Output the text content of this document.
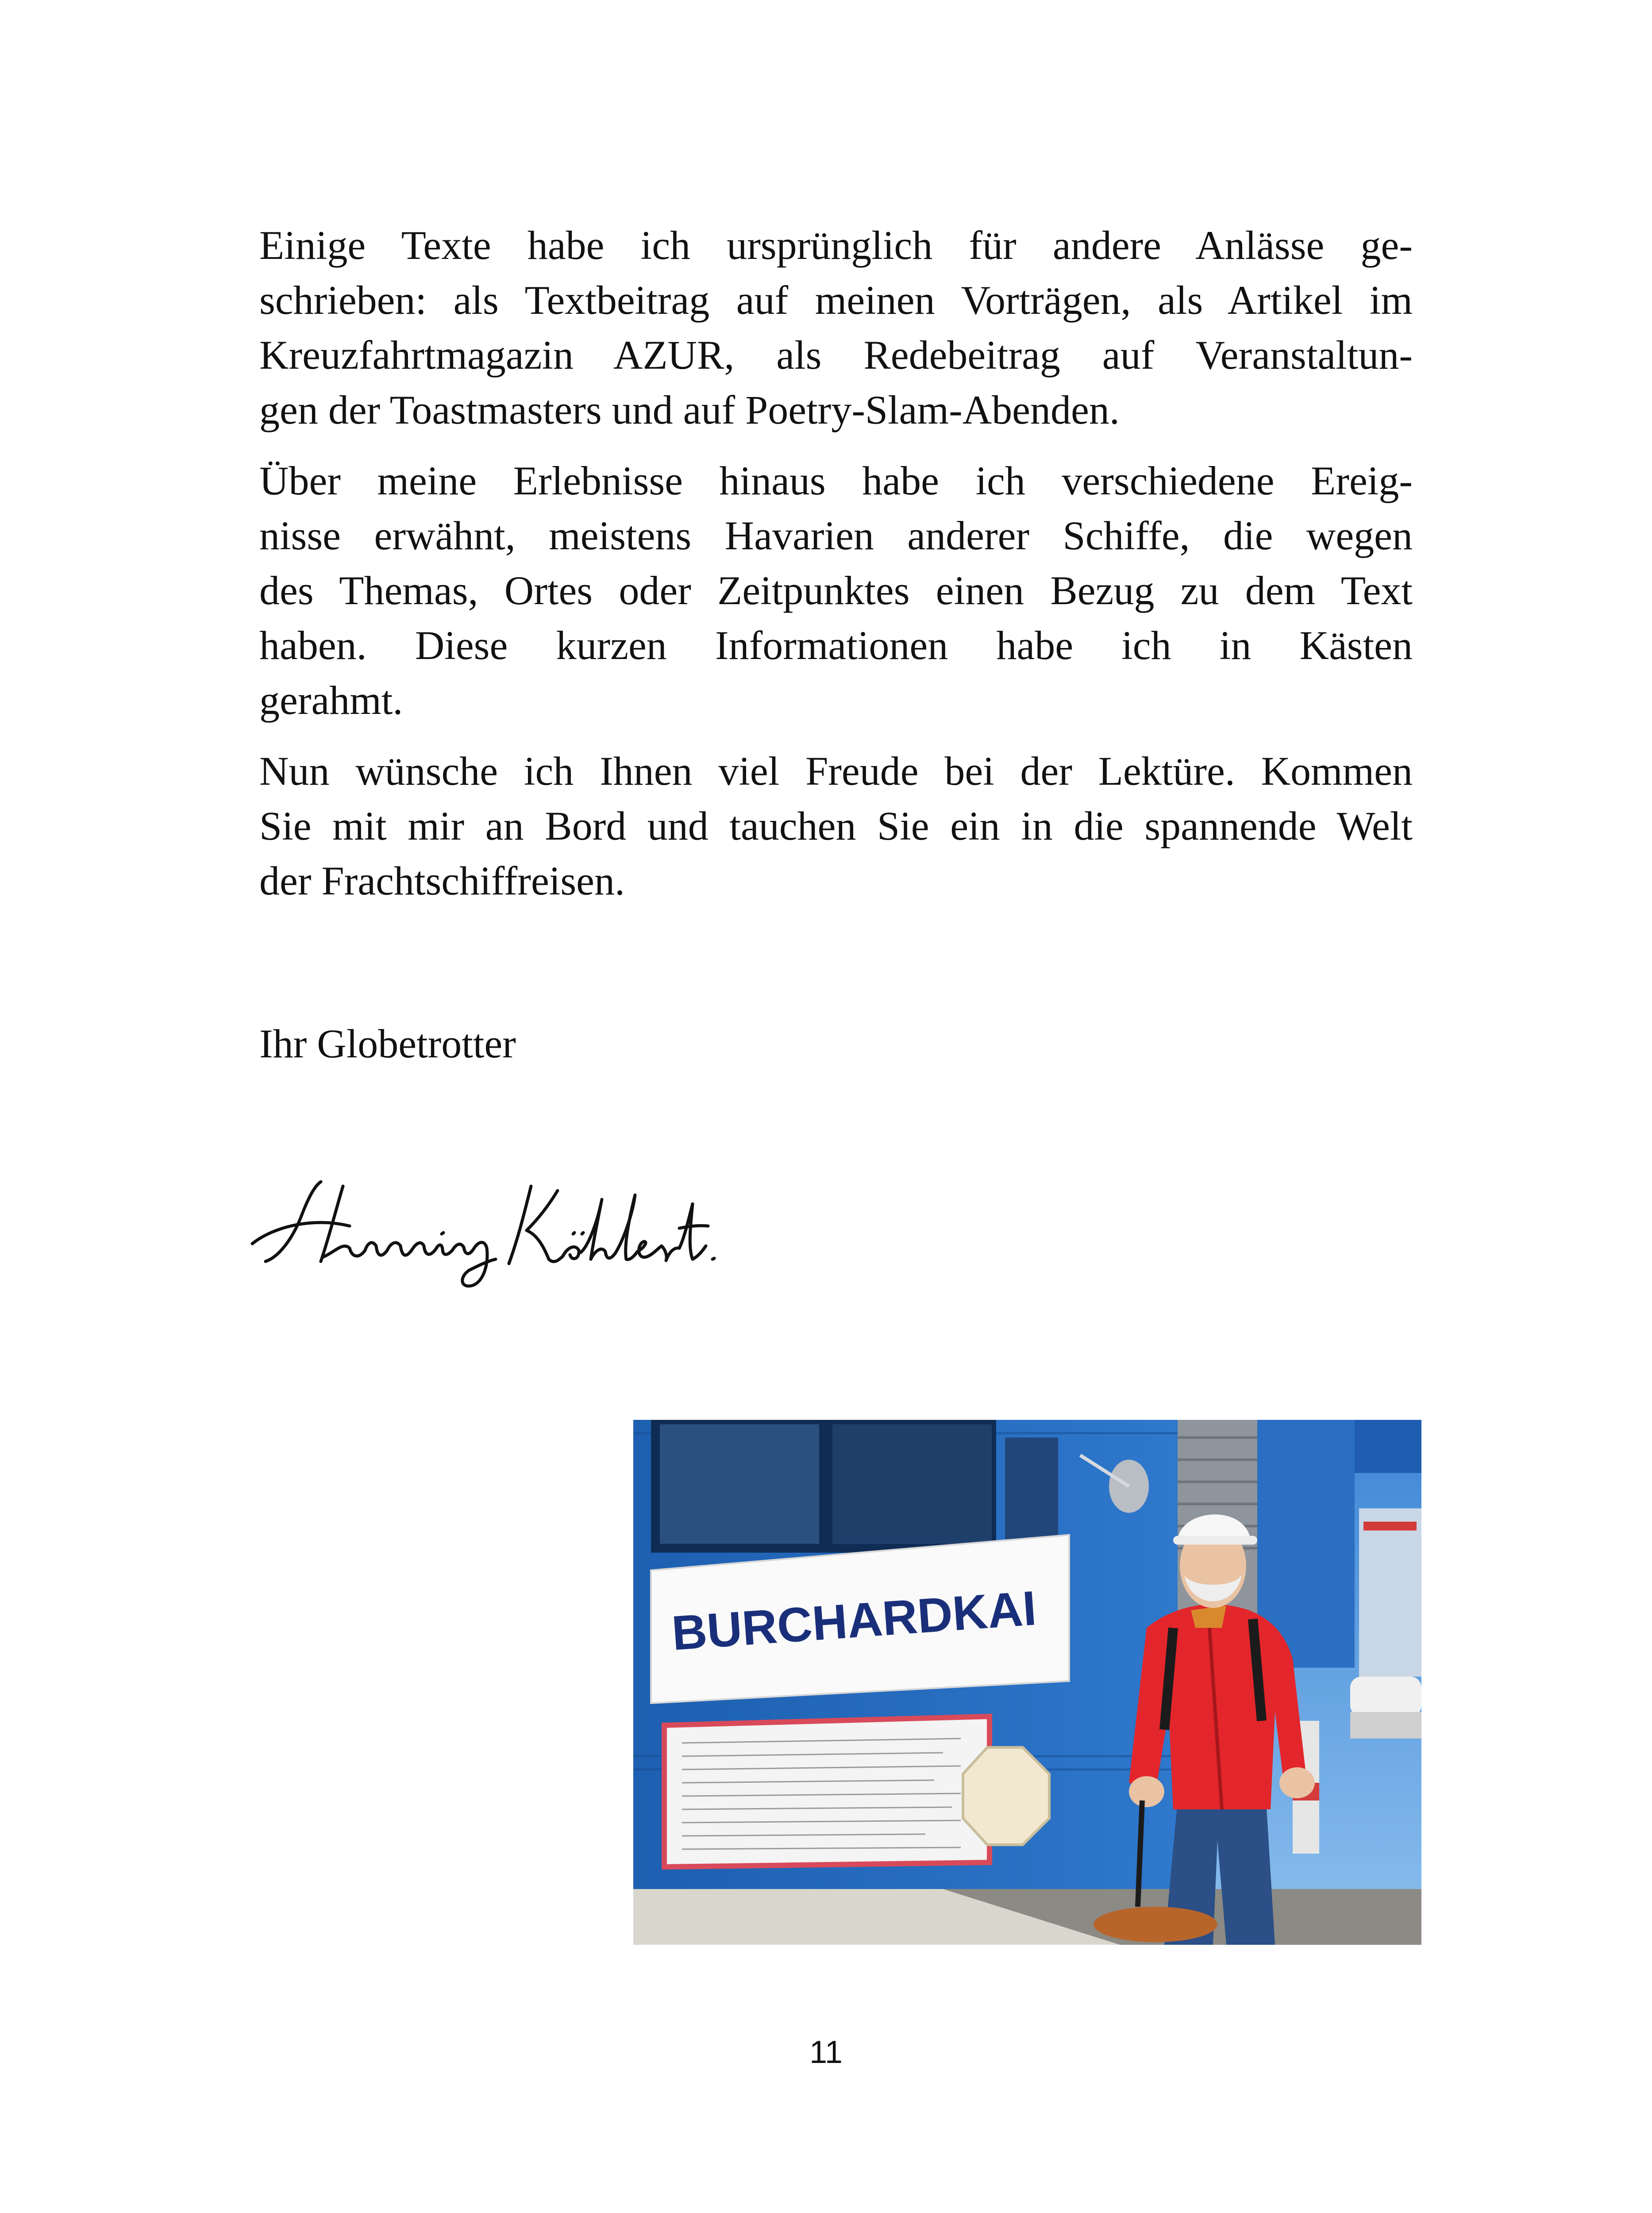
Einige Texte habe ich ursprünglich für andere Anlässe ge-
schrieben: als Textbeitrag auf meinen Vorträgen, als Artikel im
Kreuzfahrtmagazin AZUR, als Redebeitrag auf Veranstaltun-
gen der Toastmasters und auf Poetry-Slam-Abenden.

Über meine Erlebnisse hinaus habe ich verschiedene Ereig-
nisse erwähnt, meistens Havarien anderer Schiffe, die wegen
des Themas, Ortes oder Zeitpunktes einen Bezug zu dem Text
haben. Diese kurzen Informationen habe ich in Kästen
gerahmt.

Nun wünsche ich Ihnen viel Freude bei der Lektüre. Kommen
Sie mit mir an Bord und tauchen Sie ein in die spannende Welt
der Frachtschiffreisen.

Ihr Globetrotter
BURCHARDKAI
11
